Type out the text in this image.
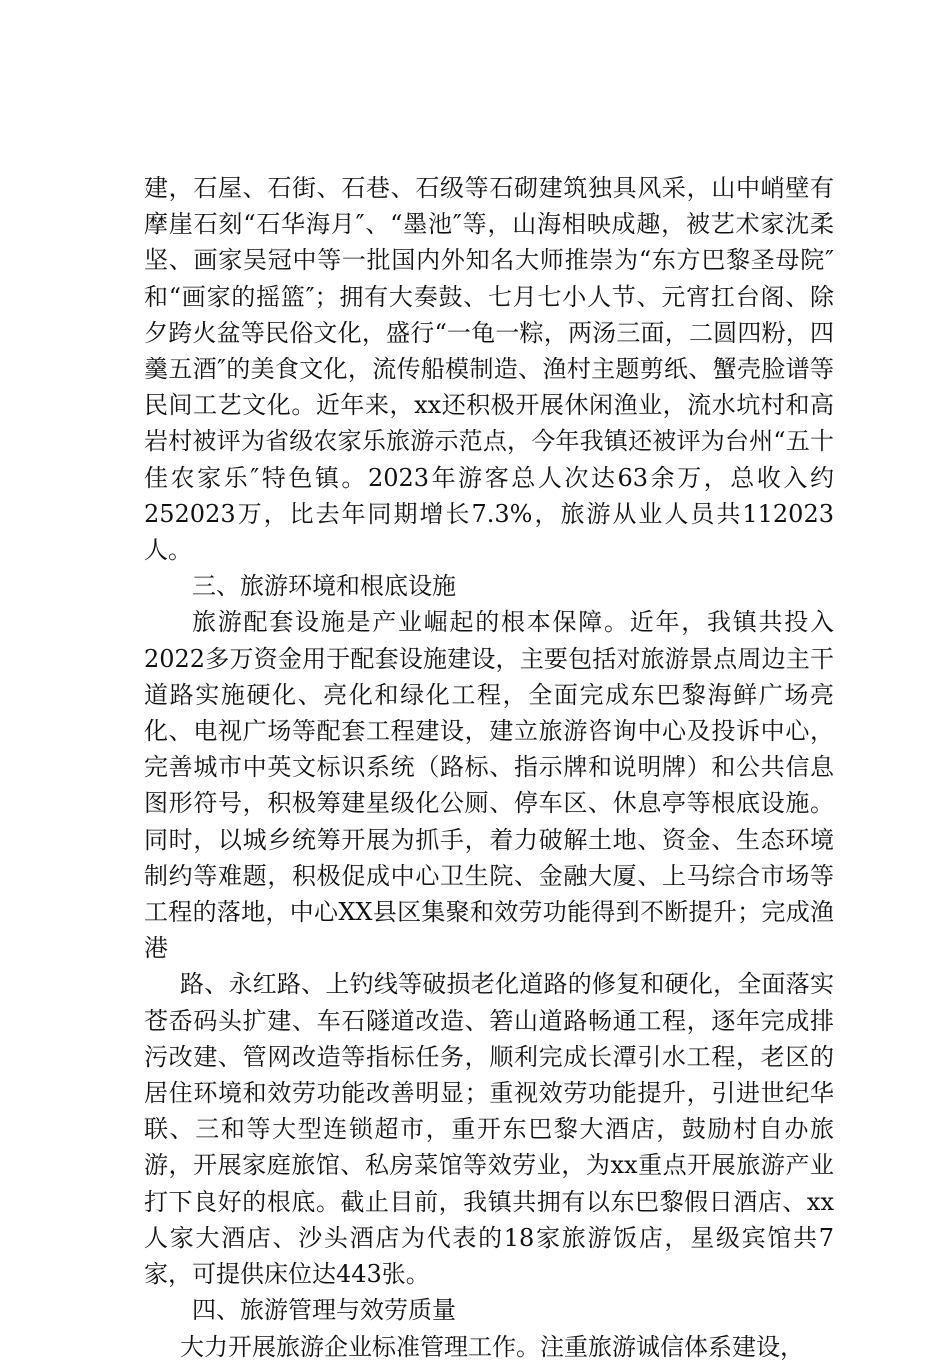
建，石屋、石街、石巷、石级等石砌建筑独具风采，山中峭壁有摩崖石刻“石华海月″、“墨池″等，山海相映成趣，被艺术家沈柔坚、画家吴冠中等一批国内外知名大师推崇为“东方巴黎圣母院″和“画家的摇篮″；拥有大奏鼓、七月七小人节、元宵扛台阁、除夕跨火盆等民俗文化，盛行“一龟一粽，两汤三面，二圆四粉，四羹五酒″的美食文化，流传船模制造、渔村主题剪纸、蟹壳脸谱等民间工艺文化。近年来，xx还积极开展休闲渔业，流水坑村和高岩村被评为省级农家乐旅游示范点，今年我镇还被评为台州“五十佳农家乐″特色镇。2023年游客总人次达63余万，总收入约252023万，比去年同期增长7.3%，旅游从业人员共112023人。

三、旅游环境和根底设施

旅游配套设施是产业崛起的根本保障。近年，我镇共投入2022多万资金用于配套设施建设，主要包括对旅游景点周边主干道路实施硬化、亮化和绿化工程，全面完成东巴黎海鲜广场亮化、电视广场等配套工程建设，建立旅游咨询中心及投诉中心，完善城市中英文标识系统（路标、指示牌和说明牌）和公共信息图形符号，积极筹建星级化公厕、停车区、休息亭等根底设施。同时，以城乡统筹开展为抓手，着力破解土地、资金、生态环境制约等难题，积极促成中心卫生院、金融大厦、上马综合市场等工程的落地，中心XX县区集聚和效劳功能得到不断提升；完成渔港

路、永红路、上钓线等破损老化道路的修复和硬化，全面落实苍岙码头扩建、车石隧道改造、箬山道路畅通工程，逐年完成排污改建、管网改造等指标任务，顺利完成长潭引水工程，老区的居住环境和效劳功能改善明显；重视效劳功能提升，引进世纪华联、三和等大型连锁超市，重开东巴黎大酒店，鼓励村自办旅游，开展家庭旅馆、私房菜馆等效劳业，为xx重点开展旅游产业打下良好的根底。截止目前，我镇共拥有以东巴黎假日酒店、xx人家大酒店、沙头酒店为代表的18家旅游饭店，星级宾馆共7家，可提供床位达443张。

四、旅游管理与效劳质量

大力开展旅游企业标准管理工作。注重旅游诚信体系建设，
